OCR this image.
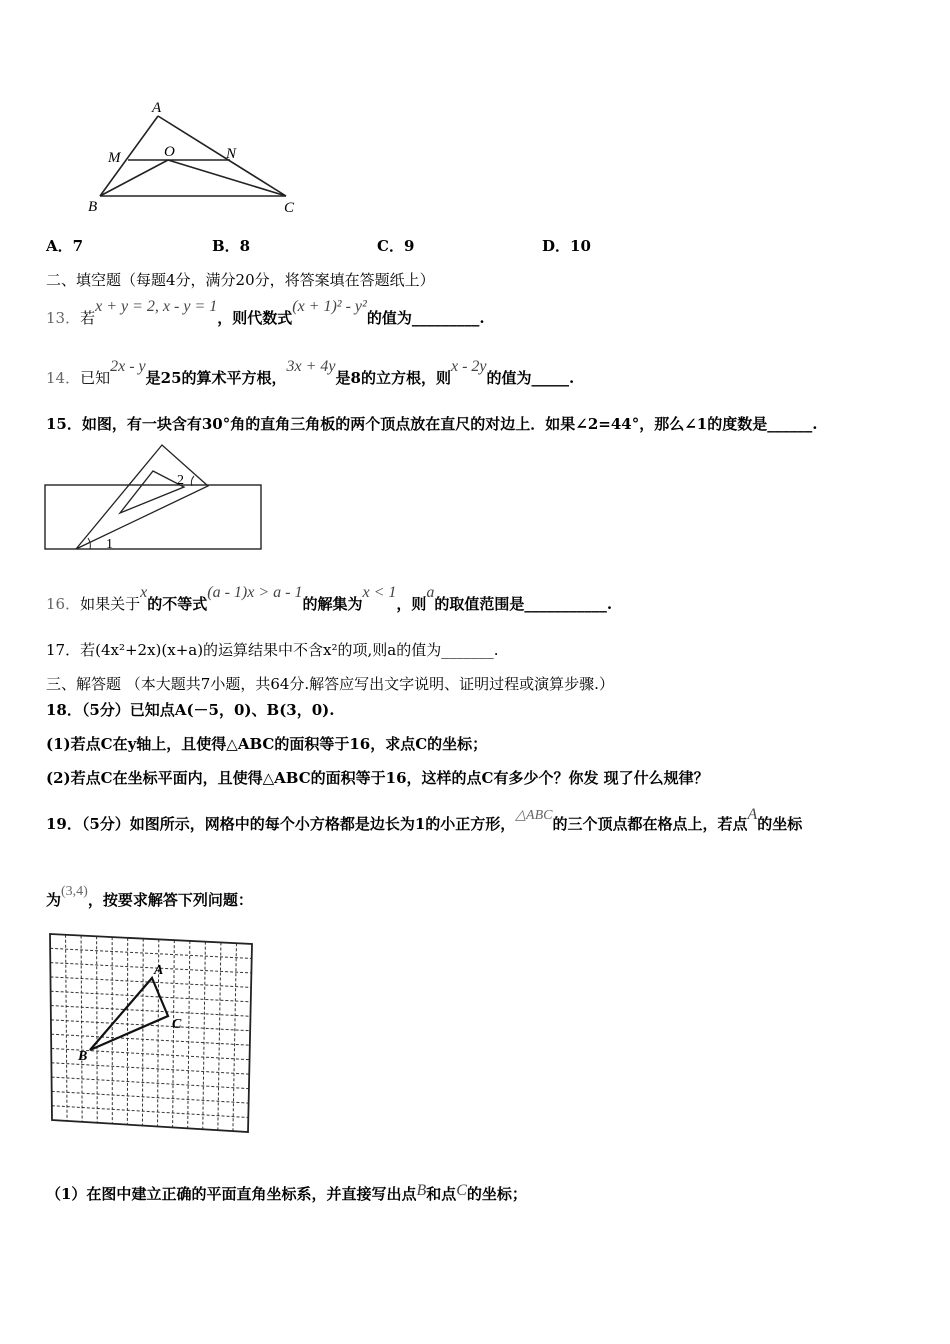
A
M	O	N
B	C
A．7	B．8	C．9	D．10
二、填空题（每题4分，满分20分，将答案填在答题纸上）
13．若x + y = 2, x - y = 1，则代数式(x + 1)² - y²的值为_________.
14．已知2x - y是25的算术平方根，3x + 4y是8的立方根，则x - 2y的值为_____.
15．如图，有一块含有30°角的直角三角板的两个顶点放在直尺的对边上．如果∠2=44°，那么∠1的度数是______.
2
1
16．如果关于x的不等式(a - 1)x > a - 1的解集为x < 1，则a的取值范围是___________.
17．若(4x²+2x)(x+a)的运算结果中不含x²的项,则a的值为_______.
三、解答题 （本大题共7小题，共64分.解答应写出文字说明、证明过程或演算步骤.）
18．（5分）已知点A(－5，0)、B(3，0).
(1)若点C在y轴上，且使得△ABC的面积等于16，求点C的坐标；
(2)若点C在坐标平面内，且使得△ABC的面积等于16，这样的点C有多少个？你发 现了什么规律？
19．（5分）如图所示，网格中的每个小方格都是边长为1的小正方形，△ABC的三个顶点都在格点上，若点A的坐标
为(3,4)，按要求解答下列问题：
A
C
B
（1）在图中建立正确的平面直角坐标系，并直接写出点B和点C的坐标；
